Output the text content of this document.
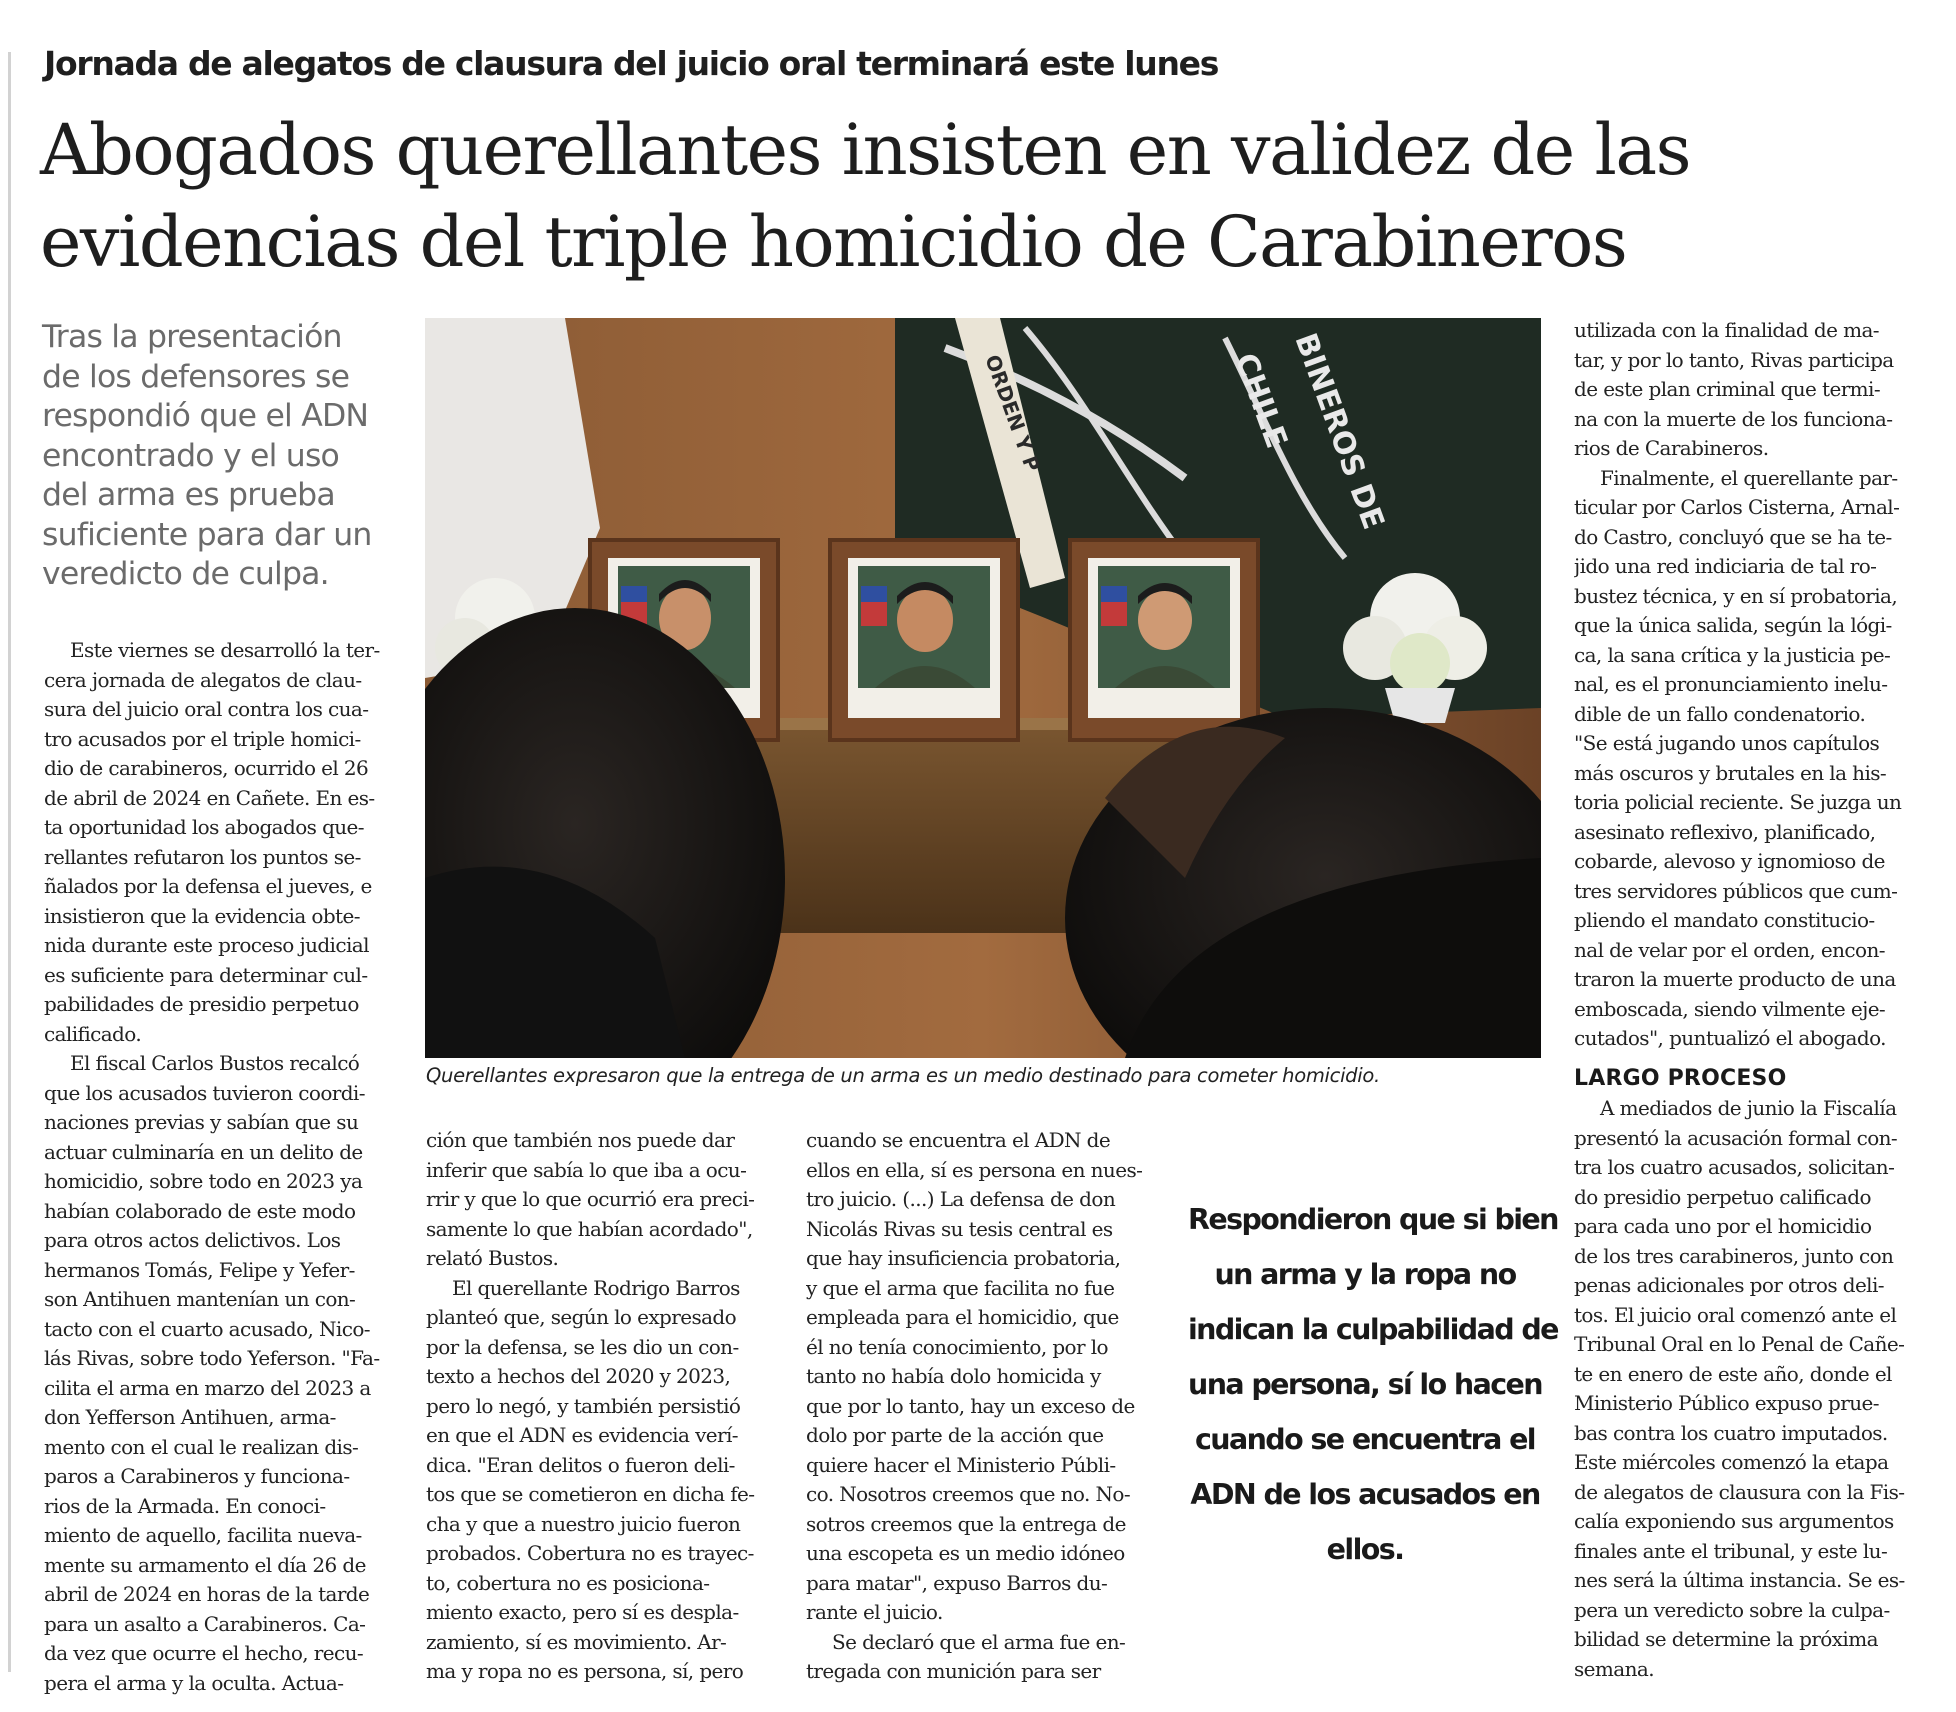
Jornada de alegatos de clausura del juicio oral terminará este lunes
Abogados querellantes insisten en validez de las
evidencias del triple homicidio de Carabineros
Tras la presentación
de los defensores se
respondió que el ADN
encontrado y el uso
del arma es prueba
suficiente para dar un
veredicto de culpa.
ORDEN Y P	BINEROS DE
CHILE
Querellantes expresaron que la entrega de un arma es un medio destinado para cometer homicidio.
Este viernes se desarrolló la ter-
cera jornada de alegatos de clau-
sura del juicio oral contra los cua-
tro acusados por el triple homici-
dio de carabineros, ocurrido el 26
de abril de 2024 en Cañete. En es-
ta oportunidad los abogados que-
rellantes refutaron los puntos se-
ñalados por la defensa el jueves, e
insistieron que la evidencia obte-
nida durante este proceso judicial
es suficiente para determinar cul-
pabilidades de presidio perpetuo
calificado.
El fiscal Carlos Bustos recalcó
que los acusados tuvieron coordi-
naciones previas y sabían que su
actuar culminaría en un delito de
homicidio, sobre todo en 2023 ya
habían colaborado de este modo
para otros actos delictivos. Los
hermanos Tomás, Felipe y Yefer-
son Antihuen mantenían un con-
tacto con el cuarto acusado, Nico-
lás Rivas, sobre todo Yeferson. "Fa-
cilita el arma en marzo del 2023 a
don Yefferson Antihuen, arma-
mento con el cual le realizan dis-
paros a Carabineros y funciona-
rios de la Armada. En conoci-
miento de aquello, facilita nueva-
mente su armamento el día 26 de
abril de 2024 en horas de la tarde
para un asalto a Carabineros. Ca-
da vez que ocurre el hecho, recu-
pera el arma y la oculta. Actua-
ción que también nos puede dar
inferir que sabía lo que iba a ocu-
rrir y que lo que ocurrió era preci-
samente lo que habían acordado",
relató Bustos.
El querellante Rodrigo Barros
planteó que, según lo expresado
por la defensa, se les dio un con-
texto a hechos del 2020 y 2023,
pero lo negó, y también persistió
en que el ADN es evidencia verí-
dica. "Eran delitos o fueron deli-
tos que se cometieron en dicha fe-
cha y que a nuestro juicio fueron
probados. Cobertura no es trayec-
to, cobertura no es posiciona-
miento exacto, pero sí es despla-
zamiento, sí es movimiento. Ar-
ma y ropa no es persona, sí, pero
cuando se encuentra el ADN de
ellos en ella, sí es persona en nues-
tro juicio. (...) La defensa de don
Nicolás Rivas su tesis central es
que hay insuficiencia probatoria,
y que el arma que facilita no fue
empleada para el homicidio, que
él no tenía conocimiento, por lo
tanto no había dolo homicida y
que por lo tanto, hay un exceso de
dolo por parte de la acción que
quiere hacer el Ministerio Públi-
co. Nosotros creemos que no. No-
sotros creemos que la entrega de
una escopeta es un medio idóneo
para matar", expuso Barros du-
rante el juicio.
Se declaró que el arma fue en-
tregada con munición para ser
Respondieron que si bien
un arma y la ropa no
indican la culpabilidad de
una persona, sí lo hacen
cuando se encuentra el
ADN de los acusados en
ellos.
utilizada con la finalidad de ma-
tar, y por lo tanto, Rivas participa
de este plan criminal que termi-
na con la muerte de los funciona-
rios de Carabineros.
Finalmente, el querellante par-
ticular por Carlos Cisterna, Arnal-
do Castro, concluyó que se ha te-
jido una red indiciaria de tal ro-
bustez técnica, y en sí probatoria,
que la única salida, según la lógi-
ca, la sana crítica y la justicia pe-
nal, es el pronunciamiento inelu-
dible de un fallo condenatorio.
"Se está jugando unos capítulos
más oscuros y brutales en la his-
toria policial reciente. Se juzga un
asesinato reflexivo, planificado,
cobarde, alevoso y ignomioso de
tres servidores públicos que cum-
pliendo el mandato constitucio-
nal de velar por el orden, encon-
traron la muerte producto de una
emboscada, siendo vilmente eje-
cutados", puntualizó el abogado.
LARGO PROCESO
A mediados de junio la Fiscalía
presentó la acusación formal con-
tra los cuatro acusados, solicitan-
do presidio perpetuo calificado
para cada uno por el homicidio
de los tres carabineros, junto con
penas adicionales por otros deli-
tos. El juicio oral comenzó ante el
Tribunal Oral en lo Penal de Cañe-
te en enero de este año, donde el
Ministerio Público expuso prue-
bas contra los cuatro imputados.
Este miércoles comenzó la etapa
de alegatos de clausura con la Fis-
calía exponiendo sus argumentos
finales ante el tribunal, y este lu-
nes será la última instancia. Se es-
pera un veredicto sobre la culpa-
bilidad se determine la próxima
semana.
